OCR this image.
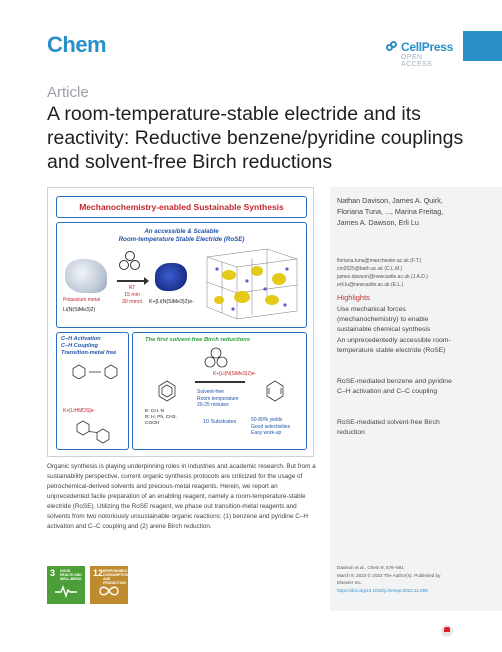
Chem	CellPress
OPEN ACCESS
Article
A room-temperature-stable electride and its reactivity: Reductive benzene/pyridine couplings and solvent-free Birch reductions
Mechanochemistry-enabled Sustainable Synthesis
An accessible & Scalable
Room-temperature Stable Electride (RoSE)
Potassium metal
Li(N(SiMe3)2)
RT
15 min
30 mmol K+[Li(N(SiMe3)2)e-
C–H Activation
C–H Coupling
Transition-metal free
K+[LiHMDS]e-
The first solvent-free Birch reductions
K+[Li(N(SiMe3)2)e-
Solvent-free
Room temperature
20-25 minutes
E: CH, N
R: H, Ph, CH3,
COOH	10 Substrates	50-80% yields
Good selectivities
Easy work-up
Organic synthesis is playing underpinning roles in industries and academic research. But from a sustainability perspective, current organic synthesis protocols are criticized for the usage of petrochemical-derived solvents and precious-metal reagents. Herein, we report an unprecedented facile preparation of an enabling reagent, namely a room-temperature-stable electride (RoSE). Utilizing the RoSE reagent, we phase out transition-metal reagents and solvents from two notoriously unsustainable organic reactions: (1) benzene and pyridine C–H activation and C–C coupling and (2) arene Birch reduction.
3 GOOD HEALTH AND WELL-BEING
12 RESPONSIBLE CONSUMPTION AND PRODUCTION
Nathan Davison, James A. Quirk, Floriana Tuna, ..., Marina Freitag, James A. Dawson, Erli Lu
floriana.tuna@manchester.ac.uk (F.T.)
cm2025@bath.ac.uk (C.L.M.)
james.dawson@newcastle.ac.uk (J.A.D.)
erli.lu@newcastle.ac.uk (E.L.)
Highlights
Use mechanical forces (mechanochemistry) to enable sustainable chemical synthesis
An unprecedentedly accessible room-temperature stable electride (RoSE)
RoSE-mediated benzene and pyridine C–H activation and C–C coupling
RoSE-mediated solvent-free Birch reduction
Davison et al., Chem 9, 576–591
March 9, 2023 © 2022 The Author(s). Published by Elsevier Inc.
https://doi.org/10.1016/j.chempr.2022.11.006
